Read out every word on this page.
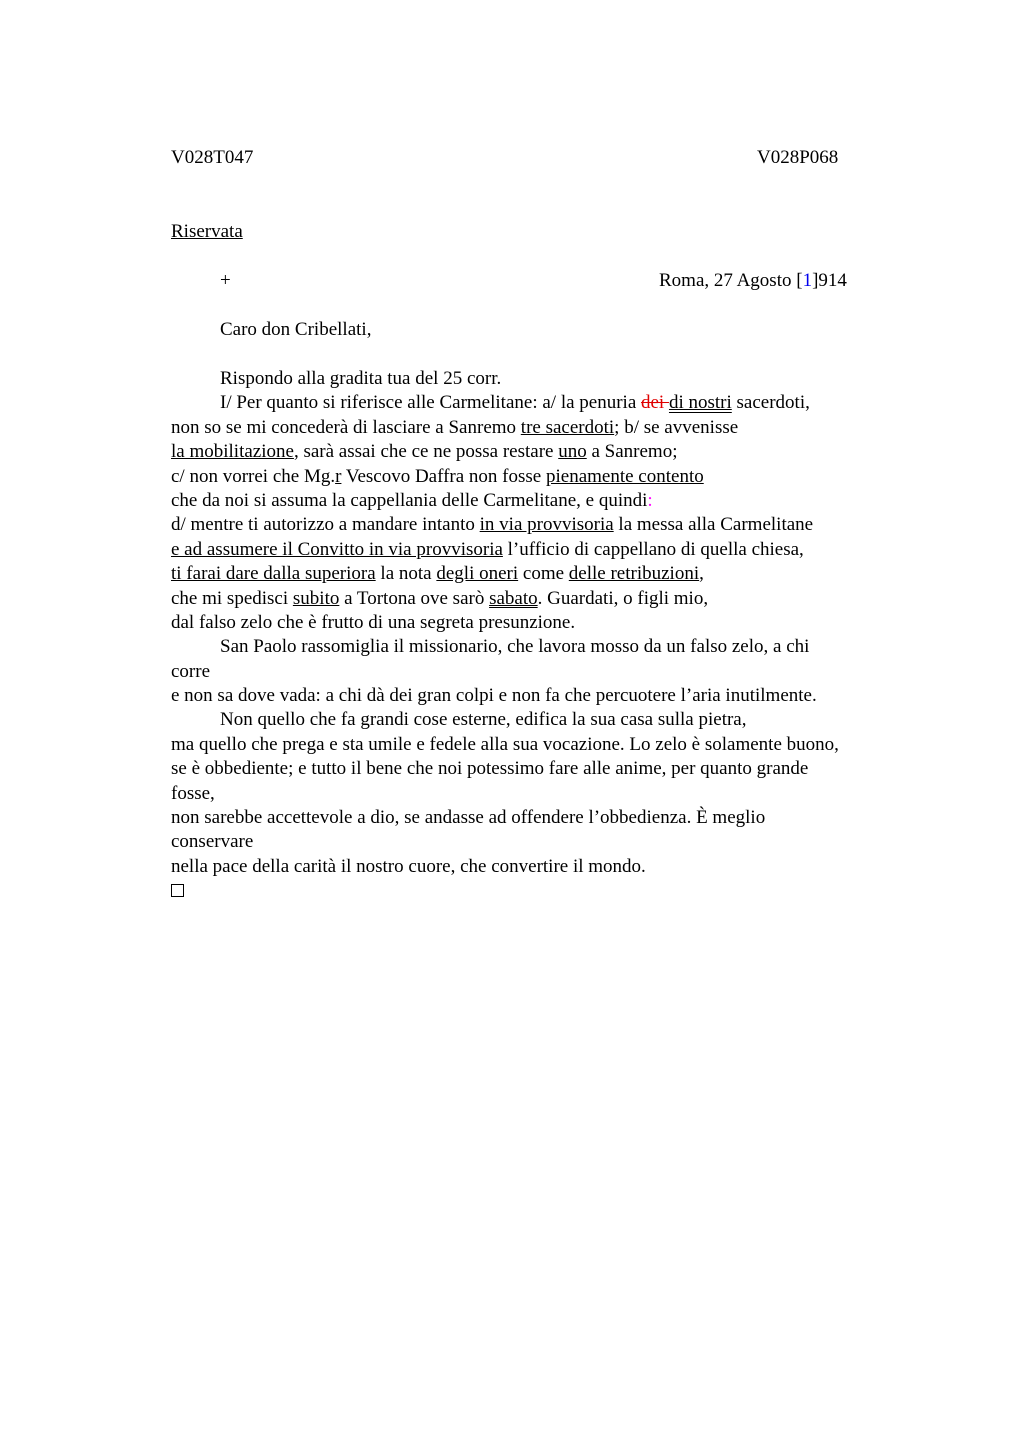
V028T047	V028P068
Riservata
+	Roma, 27 Agosto [1]914
Caro don Cribellati,
Rispondo alla gradita tua del 25 corr.
I/ Per quanto si riferisce alle Carmelitane: a/ la penuria dei di nostri sacerdoti,
non so se mi concederà di lasciare a Sanremo tre sacerdoti; b/ se avvenisse
la mobilitazione, sarà assai che ce ne possa restare uno a Sanremo;
c/ non vorrei che Mg.r Vescovo Daffra non fosse pienamente contento
che da noi si assuma la cappellania delle Carmelitane, e quindi:
d/ mentre ti autorizzo a mandare intanto in via provvisoria la messa alla Carmelitane
e ad assumere il Convitto in via provvisoria l’ufficio di cappellano di quella chiesa,
ti farai dare dalla superiora la nota degli oneri come delle retribuzioni,
che mi spedisci subito a Tortona ove sarò sabato. Guardati, o figli mio,
dal falso zelo che è frutto di una segreta presunzione.
San Paolo rassomiglia il missionario, che lavora mosso da un falso zelo, a chi
corre
e non sa dove vada: a chi dà dei gran colpi e non fa che percuotere l’aria inutilmente.
Non quello che fa grandi cose esterne, edifica la sua casa sulla pietra,
ma quello che prega e sta umile e fedele alla sua vocazione. Lo zelo è solamente buono,
se è obbediente; e tutto il bene che noi potessimo fare alle anime, per quanto grande
fosse,
non sarebbe accettevole a dio, se andasse ad offendere l’obbedienza. È meglio
conservare
nella pace della carità il nostro cuore, che convertire il mondo.
